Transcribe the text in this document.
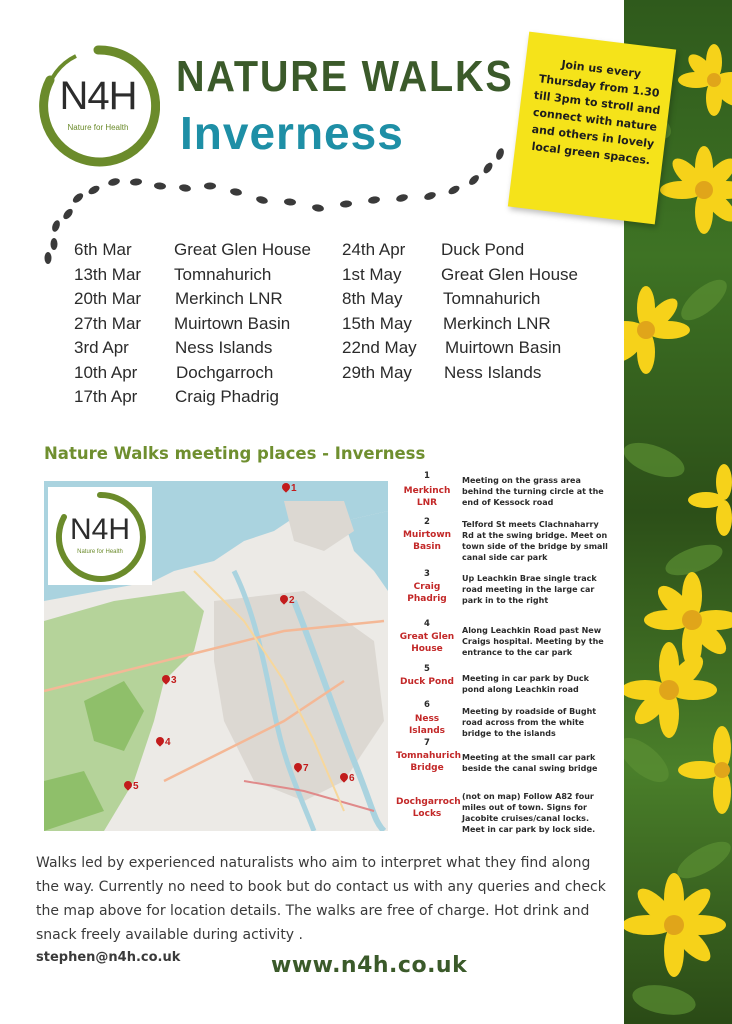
N4H
Nature for Health
NATURE WALKS
Inverness
Join us every Thursday from 1.30 till 3pm to stroll and connect with nature and others in lovely local green spaces.
6th Mar Great Glen House
13th Mar Tomnahurich
20th Mar Merkinch LNR
27th Mar Muirtown Basin
3rd Apr	Ness Islands
10th Apr Dochgarroch
17th Apr Craig Phadrig
24th Apr Duck Pond
1st May Great Glen House
8th May Tomnahurich
15th May Merkinch LNR
22nd May Muirtown Basin
29th May Ness Islands
Nature Walks meeting places - Inverness
N4H
Nature for Health
1
2
3
4
5
6
7
1
Merkinch LNR
Meeting on the grass area behind the turning circle at the end of Kessock road
2
Muirtown Basin
Telford St meets Clachnaharry Rd at the swing bridge. Meet on town side of the bridge by small canal side car park
3
Craig Phadrig
Up Leachkin Brae single track road meeting in the large car park in to the right
4
Great Glen House
Along Leachkin Road past New Craigs hospital. Meeting by the entrance to the car park
5
Duck Pond	Meeting in car park by Duck pond along Leachkin road
6
Ness Islands
Meeting by roadside of Bught road across from the white bridge to the islands
7
Tomnahurich Bridge
Meeting at the small car park beside the canal swing bridge
Dochgarroch Locks
(not on map) Follow A82 four miles out of town. Signs for Jacobite cruises/canal locks. Meet in car park by lock side.
Walks led by experienced naturalists who aim to interpret what they find along the way. Currently no need to book but do contact us with any queries and check the map above for location details. The walks are free of charge. Hot drink and snack freely available during activity .
stephen@n4h.co.uk	www.n4h.co.uk
